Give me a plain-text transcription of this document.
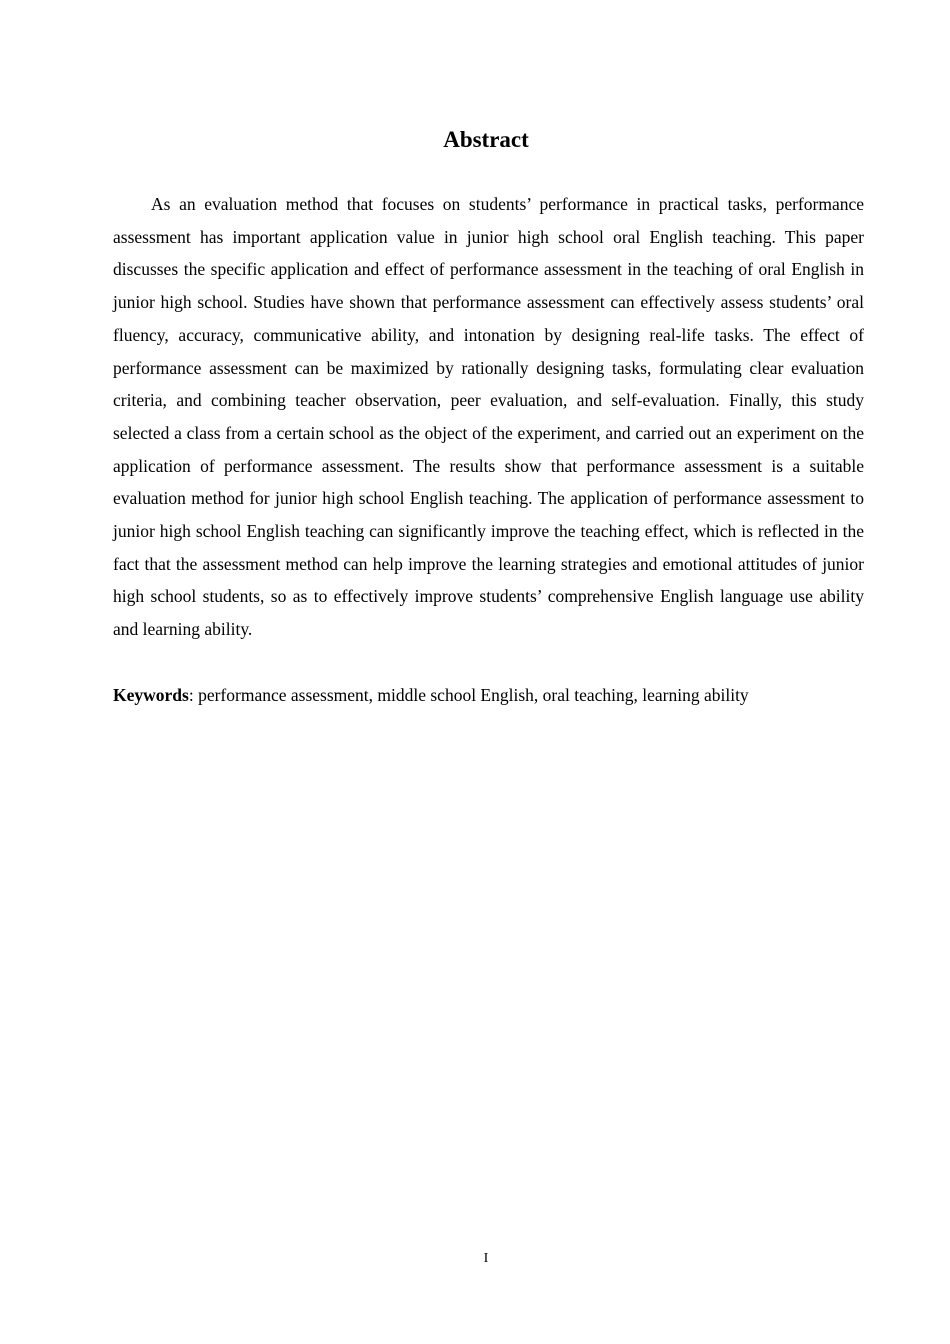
Abstract

As an evaluation method that focuses on students’ performance in practical tasks, performance assessment has important application value in junior high school oral English teaching. This paper discusses the specific application and effect of performance assessment in the teaching of oral English in junior high school. Studies have shown that performance assessment can effectively assess students’ oral fluency, accuracy, communicative ability, and intonation by designing real-life tasks. The effect of performance assessment can be maximized by rationally designing tasks, formulating clear evaluation criteria, and combining teacher observation, peer evaluation, and self-evaluation. Finally, this study selected a class from a certain school as the object of the experiment, and carried out an experiment on the application of performance assessment. The results show that performance assessment is a suitable evaluation method for junior high school English teaching. The application of performance assessment to junior high school English teaching can significantly improve the teaching effect, which is reflected in the fact that the assessment method can help improve the learning strategies and emotional attitudes of junior high school students, so as to effectively improve students’ comprehensive English language use ability and learning ability.

Keywords: performance assessment, middle school English, oral teaching, learning ability

I
